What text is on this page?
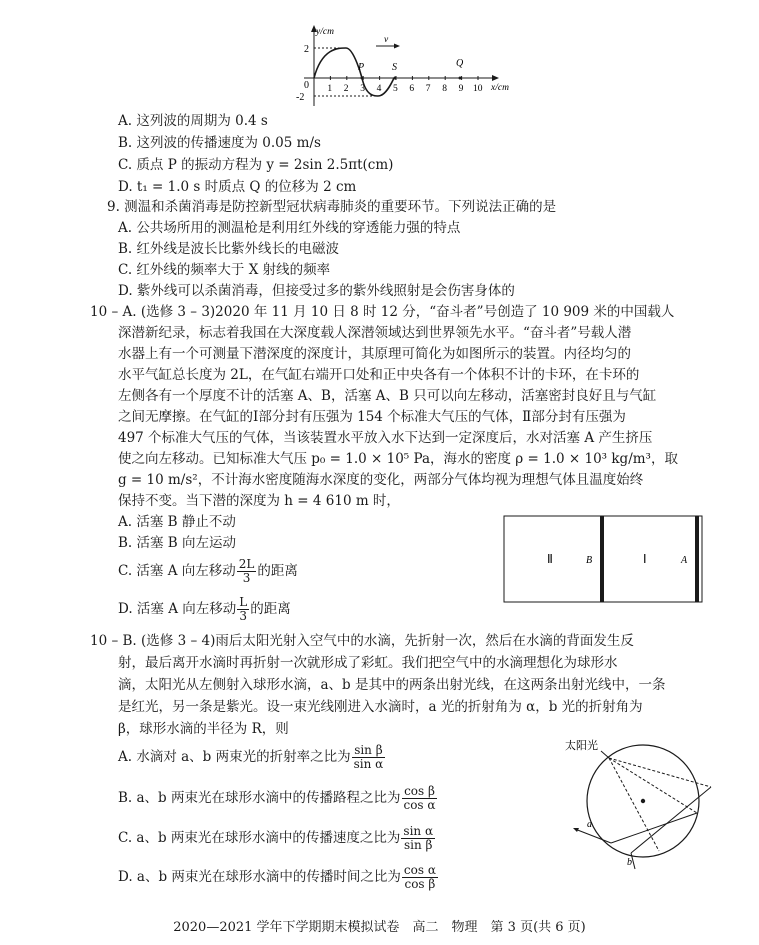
y/cm
x/cm
2
0
-2
1 2 3 4 5 6 7 8 9 10
P	S	Q
v
A. 这列波的周期为 0.4 s
B. 这列波的传播速度为 0.05 m/s
C. 质点 P 的振动方程为 y = 2sin 2.5πt(cm)
D. t₁ = 1.0 s 时质点 Q 的位移为 2 cm
9. 测温和杀菌消毒是防控新型冠状病毒肺炎的重要环节。下列说法正确的是
A. 公共场所用的测温枪是利用红外线的穿透能力强的特点
B. 红外线是波长比紫外线长的电磁波
C. 红外线的频率大于 X 射线的频率
D. 紫外线可以杀菌消毒，但接受过多的紫外线照射是会伤害身体的
10 – A. (选修 3 – 3)2020 年 11 月 10 日 8 时 12 分，“奋斗者”号创造了 10 909 米的中国载人
深潜新纪录，标志着我国在大深度载人深潜领域达到世界领先水平。“奋斗者”号载人潜
水器上有一个可测量下潜深度的深度计，其原理可简化为如图所示的装置。内径均匀的
水平气缸总长度为 2L，在气缸右端开口处和正中央各有一个体积不计的卡环，在卡环的
左侧各有一个厚度不计的活塞 A、B，活塞 A、B 只可以向左移动，活塞密封良好且与气缸
之间无摩擦。在气缸的Ⅰ部分封有压强为 154 个标准大气压的气体，Ⅱ部分封有压强为
497 个标准大气压的气体，当该装置水平放入水下达到一定深度后，水对活塞 A 产生挤压
使之向左移动。已知标准大气压 p₀ = 1.0 × 10⁵ Pa，海水的密度 ρ = 1.0 × 10³ kg/m³，取
g = 10 m/s²，不计海水密度随海水深度的变化，两部分气体均视为理想气体且温度始终
保持不变。当下潜的深度为 h = 4 610 m 时，
A. 活塞 B 静止不动
B. 活塞 B 向左运动
C. 活塞 A 向左移动 $\frac{2L}{3}$ 的距离
D. 活塞 A 向左移动 $\frac{L}{3}$ 的距离
Ⅱ	B	Ⅰ	A
10 – B. (选修 3 – 4)雨后太阳光射入空气中的水滴，先折射一次，然后在水滴的背面发生反
射，最后离开水滴时再折射一次就形成了彩虹。我们把空气中的水滴理想化为球形水
滴，太阳光从左侧射入球形水滴，a、b 是其中的两条出射光线，在这两条出射光线中，一条
是红光，另一条是紫光。设一束光线刚进入水滴时，a 光的折射角为 α，b 光的折射角为
β，球形水滴的半径为 R，则
A. 水滴对 a、b 两束光的折射率之比为 $\frac{\text{sin β}}{\text{sin α}}$
B. a、b 两束光在球形水滴中的传播路程之比为 $\frac{\text{cos β}}{\text{cos α}}$
C. a、b 两束光在球形水滴中的传播速度之比为 $\frac{\text{sin α}}{\text{sin β}}$
D. a、b 两束光在球形水滴中的传播时间之比为 $\frac{\text{cos α}}{\text{cos β}}$
太阳光
a
b
2020—2021 学年下学期期末模拟试卷　高二　物理　第 3 页(共 6 页)
